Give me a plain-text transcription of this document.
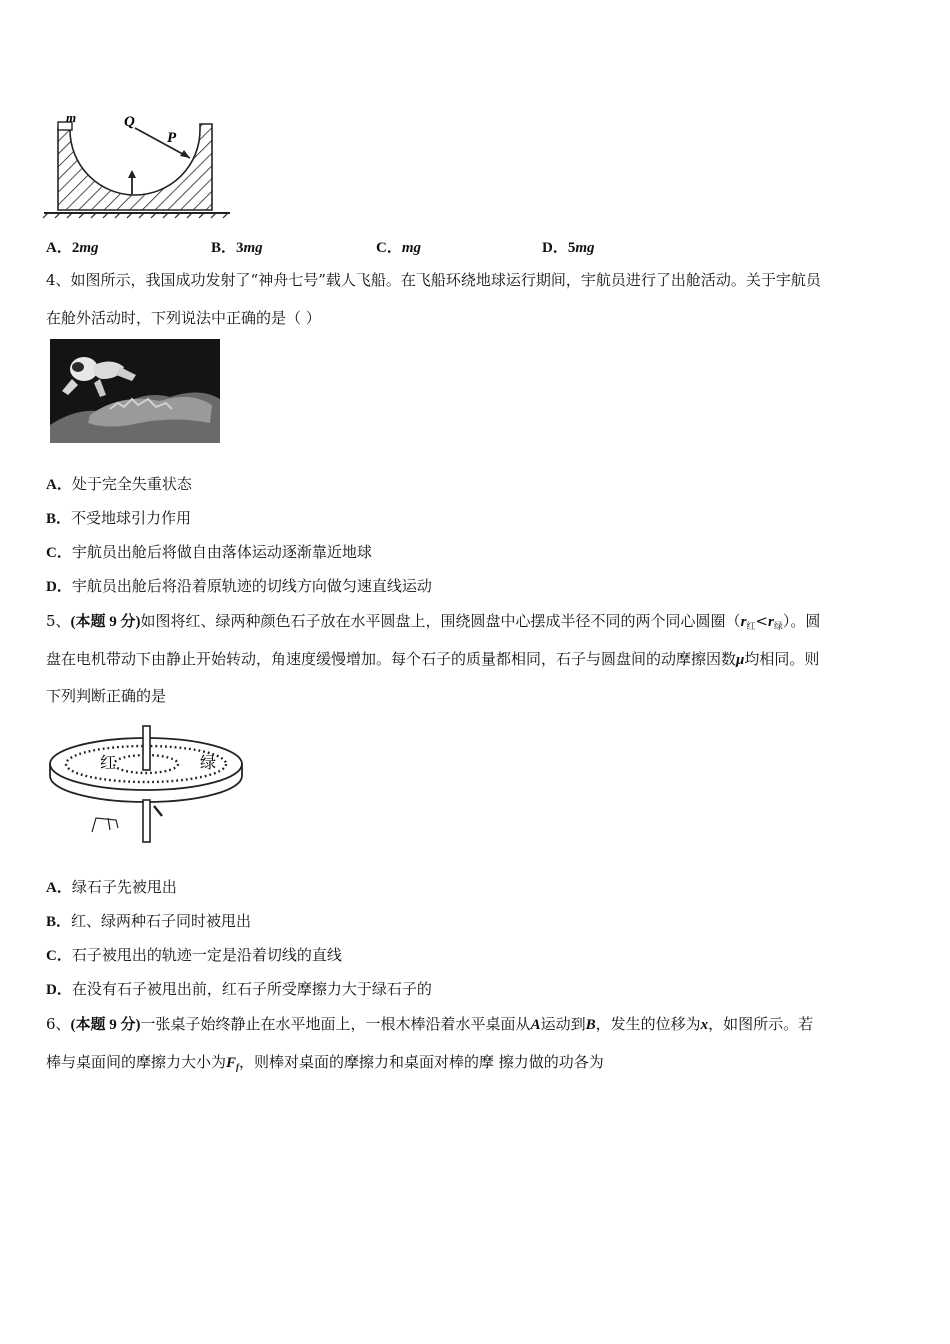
m	Q
P
A．2mg	B．3mg	C．mg	D．5mg
4、如图所示，我国成功发射了“神舟七号”载人飞船。在飞船环绕地球运行期间，宇航员进行了出舱活动。关于宇航员
在舱外活动时，下列说法中正确的是（ ）
A．处于完全失重状态
B．不受地球引力作用
C．宇航员出舱后将做自由落体运动逐渐靠近地球
D．宇航员出舱后将沿着原轨迹的切线方向做匀速直线运动
5、(本题 9 分)如图将红、绿两种颜色石子放在水平圆盘上，围绕圆盘中心摆成半径不同的两个同心圆圈$(r_红<r_绿)$。圆
盘在电机带动下由静止开始转动，角速度缓慢增加。每个石子的质量都相同，石子与圆盘间的动摩擦因数μ均相同。则
下列判断正确的是
红	绿
A．绿石子先被甩出
B．红、绿两种石子同时被甩出
C．石子被甩出的轨迹一定是沿着切线的直线
D．在没有石子被甩出前，红石子所受摩擦力大于绿石子的
6、(本题 9 分)一张桌子始终静止在水平地面上，一根木棒沿着水平桌面从A运动到B，发生的位移为x，如图所示。若
棒与桌面间的摩擦力大小为$F_f$，则棒对桌面的摩擦力和桌面对棒的摩 擦力做的功各为
